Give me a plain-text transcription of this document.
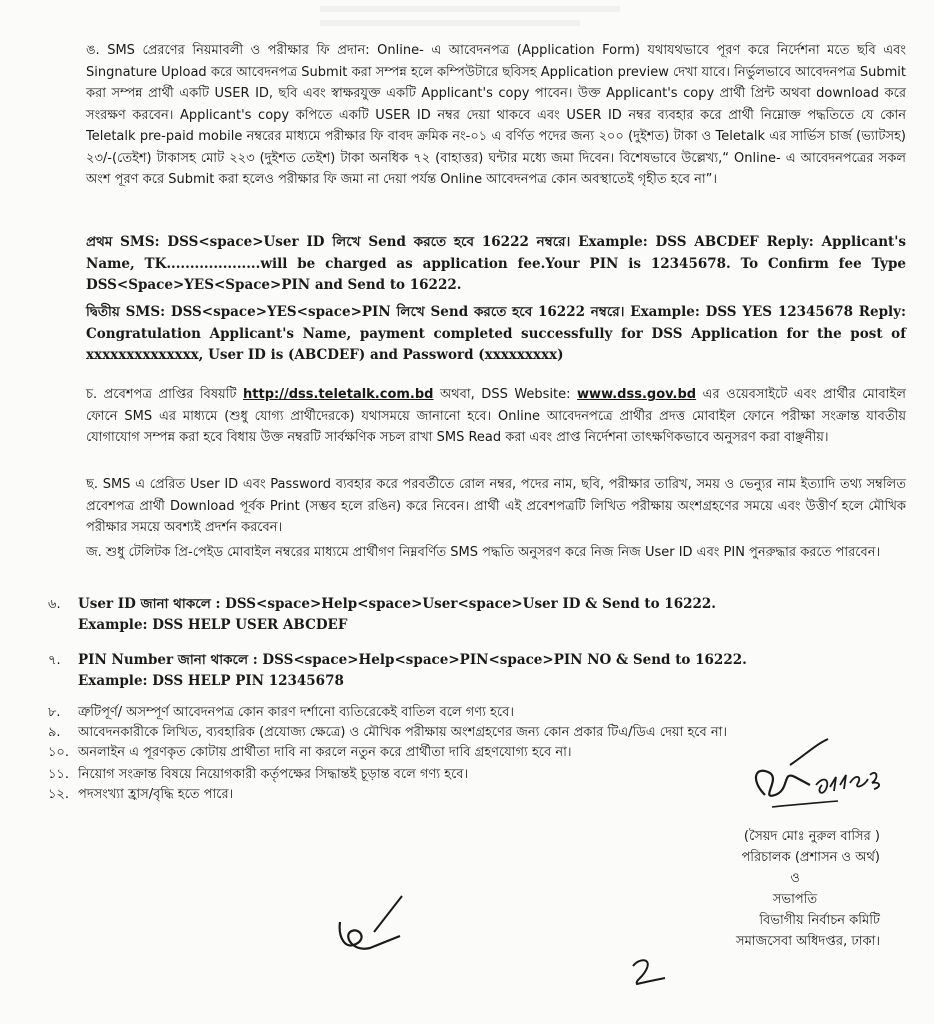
ঙ. SMS প্রেরণের নিয়মাবলী ও পরীক্ষার ফি প্রদান: Online- এ আবেদনপত্র (Application Form) যথাযথভাবে পূরণ করে নির্দেশনা মতে ছবি এবং Singnature Upload করে আবেদনপত্র Submit করা সম্পন্ন হলে কম্পিউটারে ছবিসহ Application preview দেখা যাবে। নির্ভুলভাবে আবেদনপত্র Submit করা সম্পন্ন প্রার্থী একটি USER ID, ছবি এবং স্বাক্ষরযুক্ত একটি Applicant's copy পাবেন। উক্ত Applicant's copy প্রার্থী প্রিন্ট অথবা download করে সংরক্ষণ করবেন। Applicant's copy কপিতে একটি USER ID নম্বর দেয়া থাকবে এবং USER ID নম্বর ব্যবহার করে প্রার্থী নিম্নোক্ত পদ্ধতিতে যে কোন Teletalk pre-paid mobile নম্বরের মাধ্যমে পরীক্ষার ফি বাবদ ক্রমিক নং-০১ এ বর্ণিত পদের জন্য ২০০ (দুইশত) টাকা ও Teletalk এর সার্ভিস চার্জ (ভ্যাটসহ) ২৩/-(তেইশ) টাকাসহ মোট ২২৩ (দুইশত তেইশ) টাকা অনধিক ৭২ (বাহাত্তর) ঘন্টার মধ্যে জমা দিবেন। বিশেষভাবে উল্লেখ্য,“ Online- এ আবেদনপত্রের সকল অংশ পূরণ করে Submit করা হলেও পরীক্ষার ফি জমা না দেয়া পর্যন্ত Online আবেদনপত্র কোন অবস্থাতেই গৃহীত হবে না”।

প্রথম SMS: DSS<space>User ID লিখে Send করতে হবে 16222 নম্বরে। Example: DSS ABCDEF Reply: Applicant's Name, TK....................will be charged as application fee.Your PIN is 12345678. To Confirm fee Type DSS<Space>YES<Space>PIN and Send to 16222.

দ্বিতীয় SMS: DSS<space>YES<space>PIN লিখে Send করতে হবে 16222 নম্বরে। Example: DSS YES 12345678 Reply: Congratulation Applicant's Name, payment completed successfully for DSS Application for the post of xxxxxxxxxxxxxx, User ID is (ABCDEF) and Password (xxxxxxxxx)

চ. প্রবেশপত্র প্রাপ্তির বিষয়টি http://dss.teletalk.com.bd অথবা, DSS Website: www.dss.gov.bd এর ওয়েবসাইটে এবং প্রার্থীর মোবাইল ফোনে SMS এর মাধ্যমে (শুধু যোগ্য প্রার্থীদেরকে) যথাসময়ে জানানো হবে। Online আবেদনপত্রে প্রার্থীর প্রদত্ত মোবাইল ফোনে পরীক্ষা সংক্রান্ত যাবতীয় যোগাযোগ সম্পন্ন করা হবে বিধায় উক্ত নম্বরটি সার্বক্ষণিক সচল রাখা SMS Read করা এবং প্রাপ্ত নির্দেশনা তাৎক্ষণিকভাবে অনুসরণ করা বাঞ্ছনীয়।

ছ. SMS এ প্রেরিত User ID এবং Password ব্যবহার করে পরবর্তীতে রোল নম্বর, পদের নাম, ছবি, পরীক্ষার তারিখ, সময় ও ভেন্যুর নাম ইত্যাদি তথ্য সম্বলিত প্রবেশপত্র প্রার্থী Download পূর্বক Print (সম্ভব হলে রঙিন) করে নিবেন। প্রার্থী এই প্রবেশপত্রটি লিখিত পরীক্ষায় অংশগ্রহণের সময়ে এবং উত্তীর্ণ হলে মৌখিক পরীক্ষার সময়ে অবশ্যই প্রদর্শন করবেন।

জ. শুধু টেলিটক প্রি-পেইড মোবাইল নম্বরের মাধ্যমে প্রার্থীগণ নিম্নবর্ণিত SMS পদ্ধতি অনুসরণ করে নিজ নিজ User ID এবং PIN পুনরুদ্ধার করতে পারবেন।

৬. User ID জানা থাকলে : DSS<space>Help<space>User<space>User ID & Send to 16222.
Example: DSS HELP USER ABCDEF
৭. PIN Number জানা থাকলে : DSS<space>Help<space>PIN<space>PIN NO & Send to 16222.
Example: DSS HELP PIN 12345678
৮. ত্রুটিপূর্ণ/ অসম্পূর্ণ আবেদনপত্র কোন কারণ দর্শানো ব্যতিরেকেই বাতিল বলে গণ্য হবে।
৯. আবেদনকারীকে লিখিত, ব্যবহারিক (প্রযোজ্য ক্ষেত্রে) ও মৌখিক পরীক্ষায় অংশগ্রহণের জন্য কোন প্রকার টিএ/ডিএ দেয়া হবে না।
১০. অনলাইন এ পূরণকৃত কোটায় প্রার্থীতা দাবি না করলে নতুন করে প্রার্থীতা দাবি গ্রহণযোগ্য হবে না।
১১. নিয়োগ সংক্রান্ত বিষয়ে নিয়োগকারী কর্তৃপক্ষের সিদ্ধান্তই চূড়ান্ত বলে গণ্য হবে।
১২. পদসংখ্যা হ্রাস/বৃদ্ধি হতে পারে।
(সৈয়দ মোঃ নুরুল বাসির )
পরিচালক (প্রশাসন ও অর্থ)
ও
সভাপতি
বিভাগীয় নির্বাচন কমিটি
সমাজসেবা অধিদপ্তর, ঢাকা।
